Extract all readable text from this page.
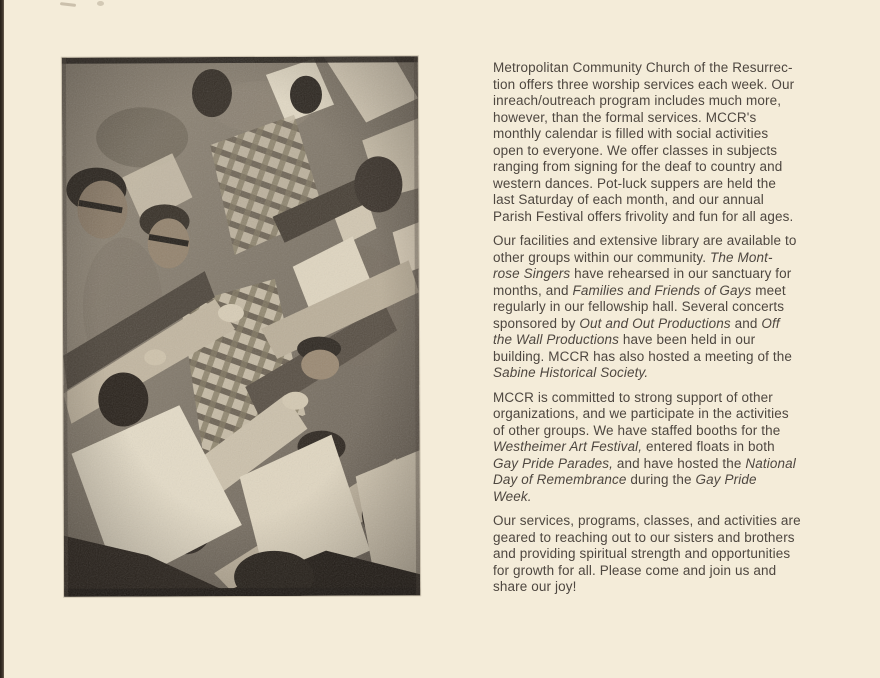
Metropolitan Community Church of the Resurrec-
tion offers three worship services each week. Our
inreach/outreach program includes much more,
however, than the formal services. MCCR's
monthly calendar is filled with social activities
open to everyone. We offer classes in subjects
ranging from signing for the deaf to country and
western dances. Pot-luck suppers are held the
last Saturday of each month, and our annual
Parish Festival offers frivolity and fun for all ages.
Our facilities and extensive library are available to
other groups within our community. The Mont-
rose Singers have rehearsed in our sanctuary for
months, and Families and Friends of Gays meet
regularly in our fellowship hall. Several concerts
sponsored by Out and Out Productions and Off
the Wall Productions have been held in our
building. MCCR has also hosted a meeting of the
Sabine Historical Society.
MCCR is committed to strong support of other
organizations, and we participate in the activities
of other groups. We have staffed booths for the
Westheimer Art Festival, entered floats in both
Gay Pride Parades, and have hosted the National
Day of Remembrance during the Gay Pride
Week.
Our services, programs, classes, and activities are
geared to reaching out to our sisters and brothers
and providing spiritual strength and opportunities
for growth for all. Please come and join us and
share our joy!
